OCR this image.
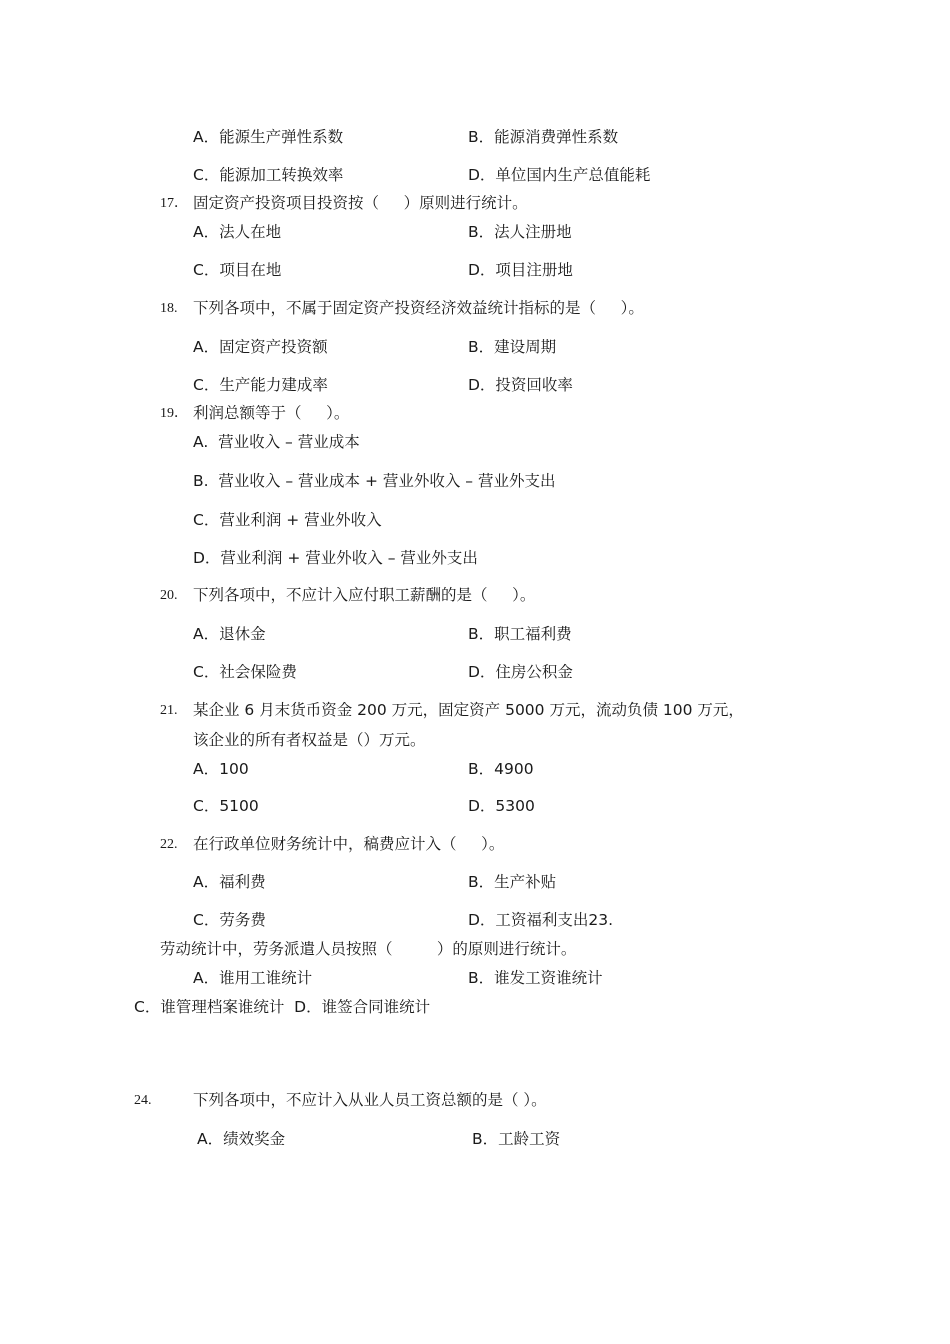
A．能源生产弹性系数	B．能源消费弹性系数
C．能源加工转换效率	D．单位国内生产总值能耗
17． 固定资产投资项目投资按（     ）原则进行统计。
A．法人在地	B．法人注册地
C．项目在地	D．项目注册地
18. 下列各项中，不属于固定资产投资经济效益统计指标的是（     ）。
A．固定资产投资额	B．建设周期
C．生产能力建成率	D．投资回收率
19． 利润总额等于（     ）。
A.  营业收入 – 营业成本
B.  营业收入 – 营业成本 + 营业外收入 – 营业外支出
C．营业利润 + 营业外收入
D．营业利润 + 营业外收入 – 营业外支出
20. 下列各项中，不应计入应付职工薪酬的是（     ）。
A．退休金	B．职工福利费
C．社会保险费	D．住房公积金
21. 某企业 6 月末货币资金 200 万元，固定资产 5000 万元，流动负债 100 万元，
该企业的所有者权益是（）万元。
A．100	B．4900
C．5100	D．5300
22. 在行政单位财务统计中，稿费应计入（     ）。
A．福利费	B．生产补贴
C．劳务费	D．工资福利支出23.
劳动统计中，劳务派遣人员按照（         ）的原则进行统计。
A．谁用工谁统计	B．谁发工资谁统计
C．谁管理档案谁统计  D．谁签合同谁统计
24.	下列各项中，不应计入从业人员工资总额的是（ ）。
A．绩效奖金	B．工龄工资
